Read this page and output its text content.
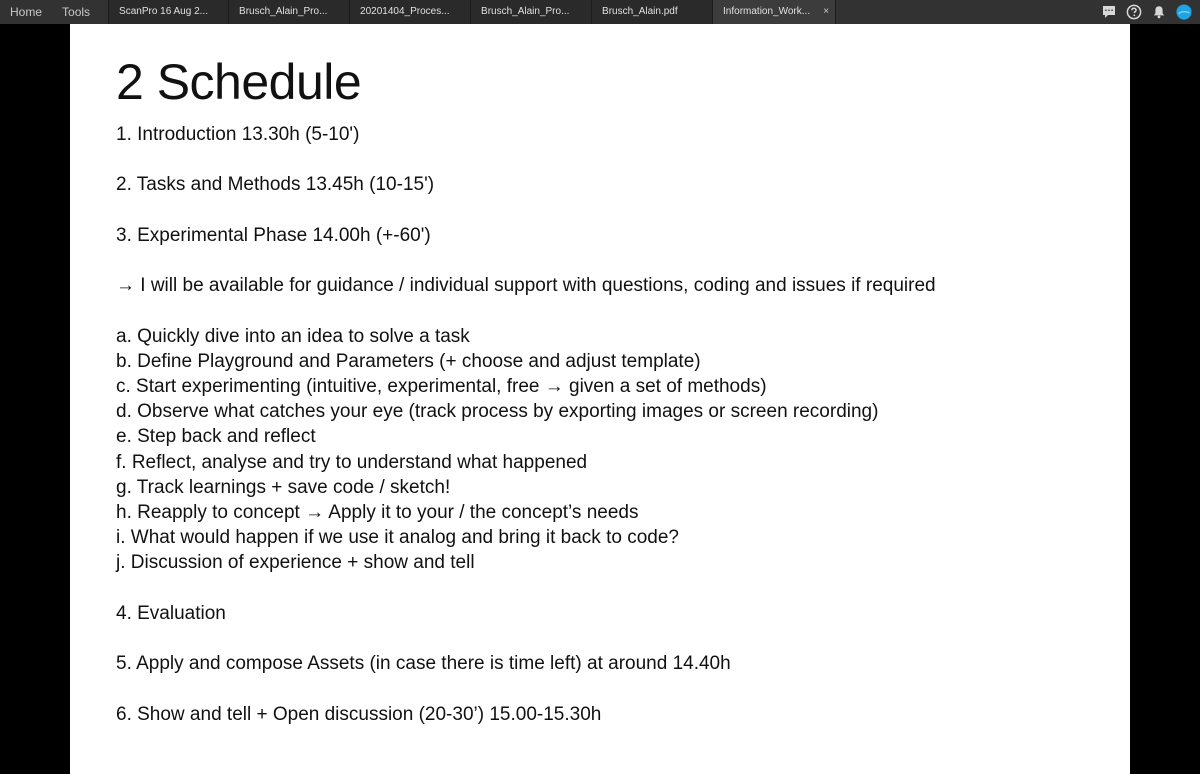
Home	Tools	ScanPro 16 Aug 2...	Brusch_Alain_Pro...	20201404_Proces...	Brusch_Alain_Pro...	Brusch_Alain.pdf	Information_Work... ×
2 Schedule
1. Introduction 13.30h (5-10')
2. Tasks and Methods 13.45h (10-15')
3. Experimental Phase 14.00h (+-60')
→ I will be available for guidance / individual support with questions, coding and issues if required
a. Quickly dive into an idea to solve a task
b. Define Playground and Parameters (+ choose and adjust template)
c. Start experimenting (intuitive, experimental, free → given a set of methods)
d. Observe what catches your eye (track process by exporting images or screen recording)
e. Step back and reflect
f. Reflect, analyse and try to understand what happened
g. Track learnings + save code / sketch!
h. Reapply to concept → Apply it to your / the concept’s needs
i. What would happen if we use it analog and bring it back to code?
j. Discussion of experience + show and tell
4. Evaluation
5. Apply and compose Assets (in case there is time left) at around 14.40h
6. Show and tell + Open discussion (20-30’) 15.00-15.30h
